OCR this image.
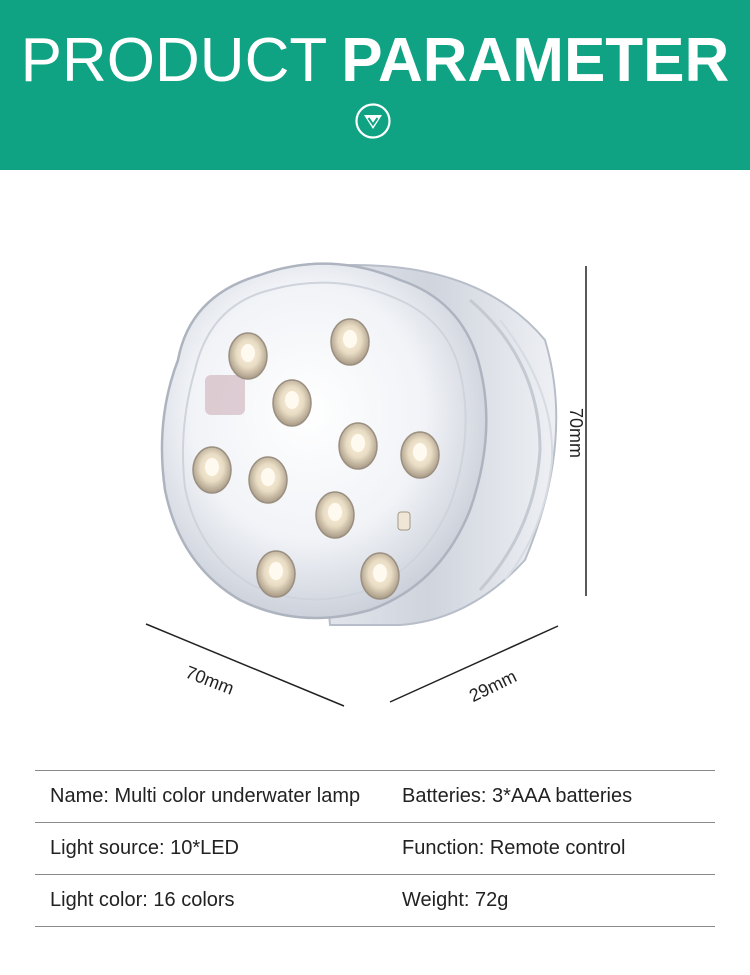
PRODUCT PARAMETER
70mm
70mm	29mm
Name: Multi color underwater lamp	Batteries: 3*AAA batteries
Light source: 10*LED	Function: Remote control
Light color: 16 colors	Weight: 72g
